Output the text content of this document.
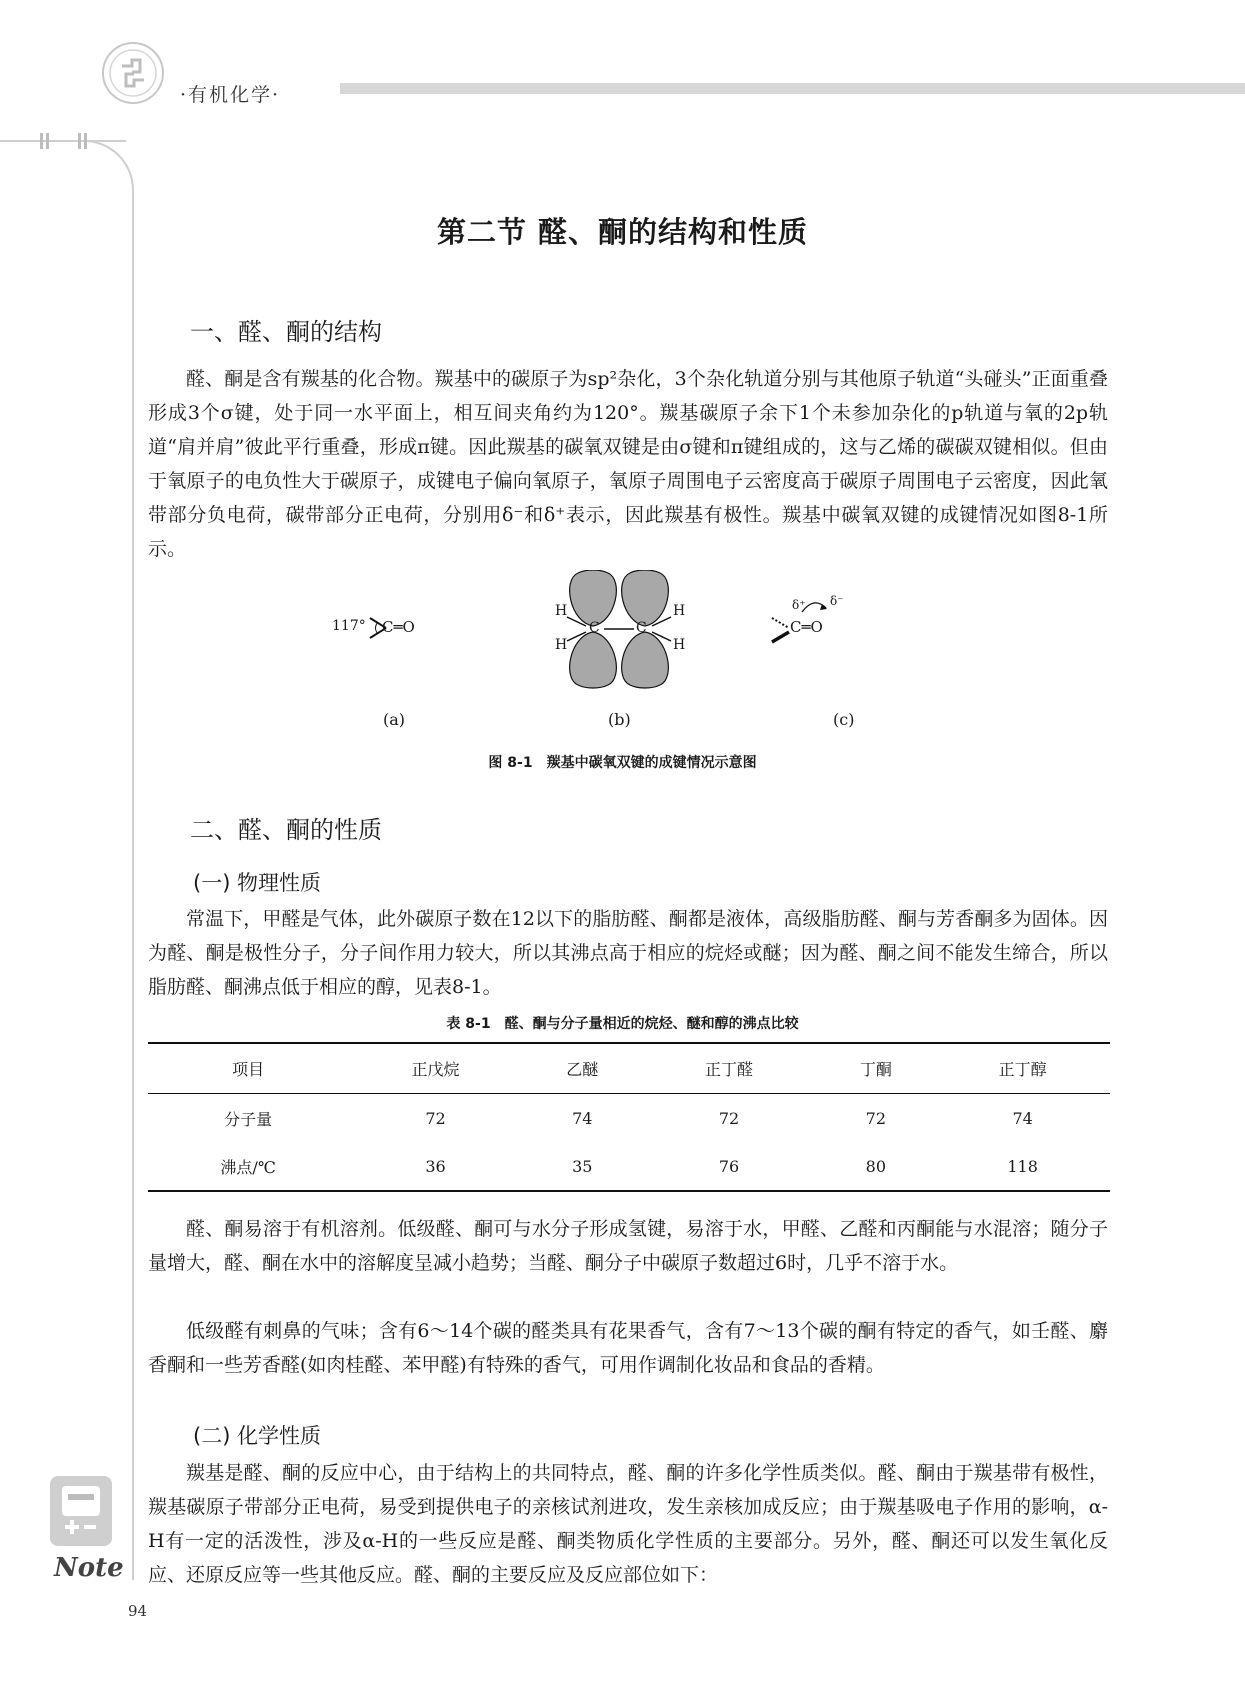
·有机化学·
第二节 醛、酮的结构和性质
一、醛、酮的结构

醛、酮是含有羰基的化合物。羰基中的碳原子为sp²杂化，3个杂化轨道分别与其他原子轨道“头碰头”正面重叠形成3个σ键，处于同一水平面上，相互间夹角约为120°。羰基碳原子余下1个未参加杂化的p轨道与氧的2p轨道“肩并肩”彼此平行重叠，形成π键。因此羰基的碳氧双键是由σ键和π键组成的，这与乙烯的碳碳双键相似。但由于氧原子的电负性大于碳原子，成键电子偏向氧原子，氧原子周围电子云密度高于碳原子周围电子云密度，因此氧带部分负电荷，碳带部分正电荷，分别用δ⁻和δ⁺表示，因此羰基有极性。羰基中碳氧双键的成键情况如图8-1所示。

117° C═O
H
H
H
H
C	C
δ⁺ δ⁻
C═O
(a)	(b)	(c)
图 8-1　羰基中碳氧双键的成键情况示意图
二、醛、酮的性质
(一) 物理性质

常温下，甲醛是气体，此外碳原子数在12以下的脂肪醛、酮都是液体，高级脂肪醛、酮与芳香酮多为固体。因为醛、酮是极性分子，分子间作用力较大，所以其沸点高于相应的烷烃或醚；因为醛、酮之间不能发生缔合，所以脂肪醛、酮沸点低于相应的醇，见表8-1。

表 8-1　醛、酮与分子量相近的烷烃、醚和醇的沸点比较
项目	正戊烷	乙醚	正丁醛	丁酮	正丁醇
分子量	72	74	72	72	74
沸点/℃	36	35	76	80	118

醛、酮易溶于有机溶剂。低级醛、酮可与水分子形成氢键，易溶于水，甲醛、乙醛和丙酮能与水混溶；随分子量增大，醛、酮在水中的溶解度呈减小趋势；当醛、酮分子中碳原子数超过6时，几乎不溶于水。

低级醛有刺鼻的气味；含有6～14个碳的醛类具有花果香气，含有7～13个碳的酮有特定的香气，如壬醛、麝香酮和一些芳香醛(如肉桂醛、苯甲醛)有特殊的香气，可用作调制化妆品和食品的香精。

(二) 化学性质

羰基是醛、酮的反应中心，由于结构上的共同特点，醛、酮的许多化学性质类似。醛、酮由于羰基带有极性，羰基碳原子带部分正电荷，易受到提供电子的亲核试剂进攻，发生亲核加成反应；由于羰基吸电子作用的影响，α-H有一定的活泼性，涉及α-H的一些反应是醛、酮类物质化学性质的主要部分。另外，醛、酮还可以发生氧化反应、还原反应等一些其他反应。醛、酮的主要反应及反应部位如下：

Note
94
